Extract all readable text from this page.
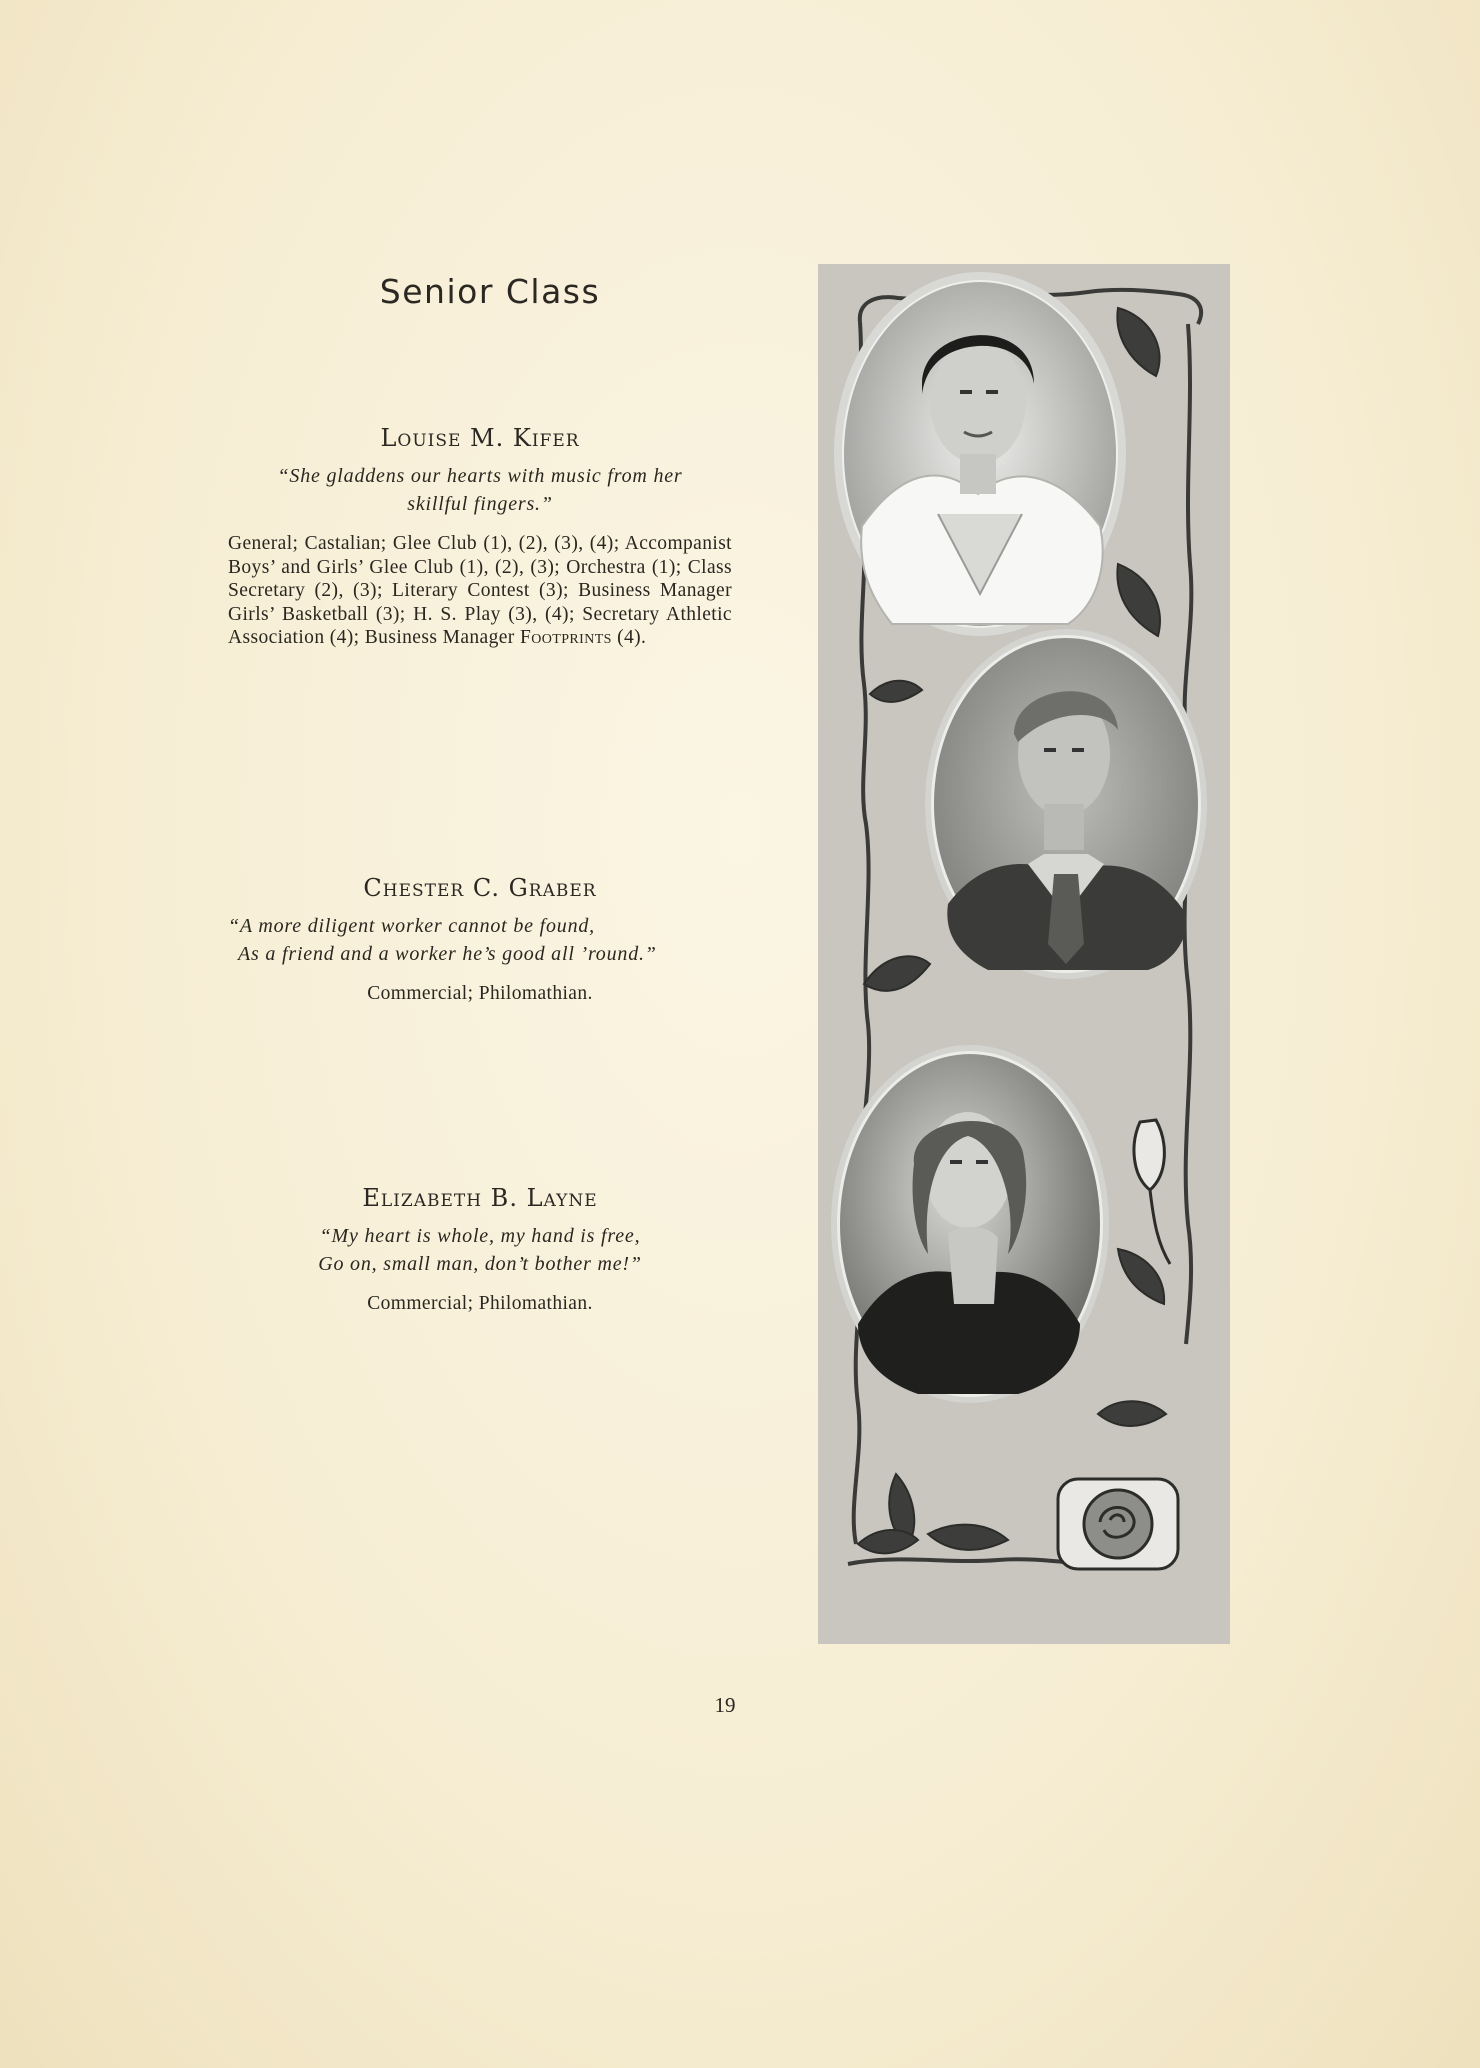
Senior Class
Louise M. Kifer
“She gladdens our hearts with music from her
skillful fingers.”
General; Castalian; Glee Club (1), (2), (3), (4); Accompanist Boys’ and Girls’ Glee Club (1), (2), (3); Orchestra (1); Class Secretary (2), (3); Literary Contest (3); Business Manager Girls’ Basketball (3); H. S. Play (3), (4); Secretary Athletic Association (4); Business Manager Footprints (4).
Chester C. Graber
“A more diligent worker cannot be found,
As a friend and a worker he’s good all ’round.”
Commercial; Philomathian.
Elizabeth B. Layne
“My heart is whole, my hand is free,
Go on, small man, don’t bother me!”
Commercial; Philomathian.
19
